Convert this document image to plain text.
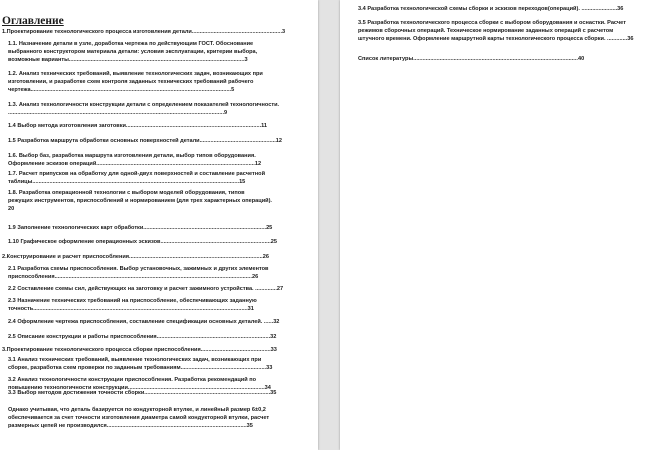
Оглавление
1.Проектирование технологического процесса изготовления детали..........................................................3
1.1. Назначение детали в узле, доработка чертежа по действующим ГОСТ. Обоснование
выбранного конструктором материала детали: условия эксплуатации, критерии выбора,
возможные варианты.................................................................................................................3
1.2. Анализ технических требований, выявление технологических задач, возникающих при
изготовлении, и разработке схем контроля заданных технических требований рабочего
чертежа.................................................................................................................................5
1.3. Анализ технологичности конструкции детали с определением показателей технологичности.
...........................................................................................................................................9
1.4 Выбор метода изготовления заготовки.......................................................................................11
1.5 Разработка маршрута обработки основных поверхностей детали.................................................12
1.6. Выбор баз, разработка маршрута изготовления детали, выбор типов оборудования.
Оформление эскизов операций......................................................................................................12
1.7. Расчет припусков на обработку для одной-двух поверхностей и составление расчетной
таблицы.....................................................................................................................................15
1.8. Разработка операционной технологии с выбором моделей оборудования, типов
режущих инструментов, приспособлений и нормированием (для трех характерных операций).
20
1.9 Заполнение технологических карт обработки...............................................................................25
1.10 Графическое оформление операционных эскизов.......................................................................25
2.Конструирование и расчет приспособления......................................................................................26
2.1 Разработка схемы приспособления. Выбор установочных, зажимных и других элементов
приспособления...............................................................................................................................26
2.2 Составление схемы сил, действующих на заготовку и расчет зажимного устройства. ..............27
2.3 Назначение технических требований на приспособление, обеспечивающих заданную
точность..........................................................................................................................................31
2.4 Оформление чертежа приспособления, составление спецификации основных деталей. ......32
2.5 Описание конструкции и работы приспособления.........................................................................32
3.Проектирование технологического процесса сборки приспособления.............................................33
3.1 Анализ технических требований, выявление технологических задач, возникающих при
сборке, разработка схем проверки по заданным требованиям.......................................................33
3.2 Анализ технологичности конструкции приспособления. Разработка рекомендаций по
повышению технологичности конструкции........................................................................................34
3.3 Выбор методов достижения точности сборки.................................................................................35
Однако учитывая, что деталь базируется по кондукторной втулке, и линейный размер 6±0,2
обеспечивается за счет точности изготовления диаметра самой кондукторной втулки, расчет
размерных цепей не производился..........................................................................................35
3.4 Разработка технологической схемы сборки и эскизов переходов(операций). .......................36
3.5 Разработка технологического процесса сборки с выбором оборудования и оснастки. Расчет
режимов сборочных операций. Техническое нормирование заданных операций с расчетом
штучного времени. Оформление маршрутной карты технологического процесса сборки. .............36
Список литературы..........................................................................................................40
